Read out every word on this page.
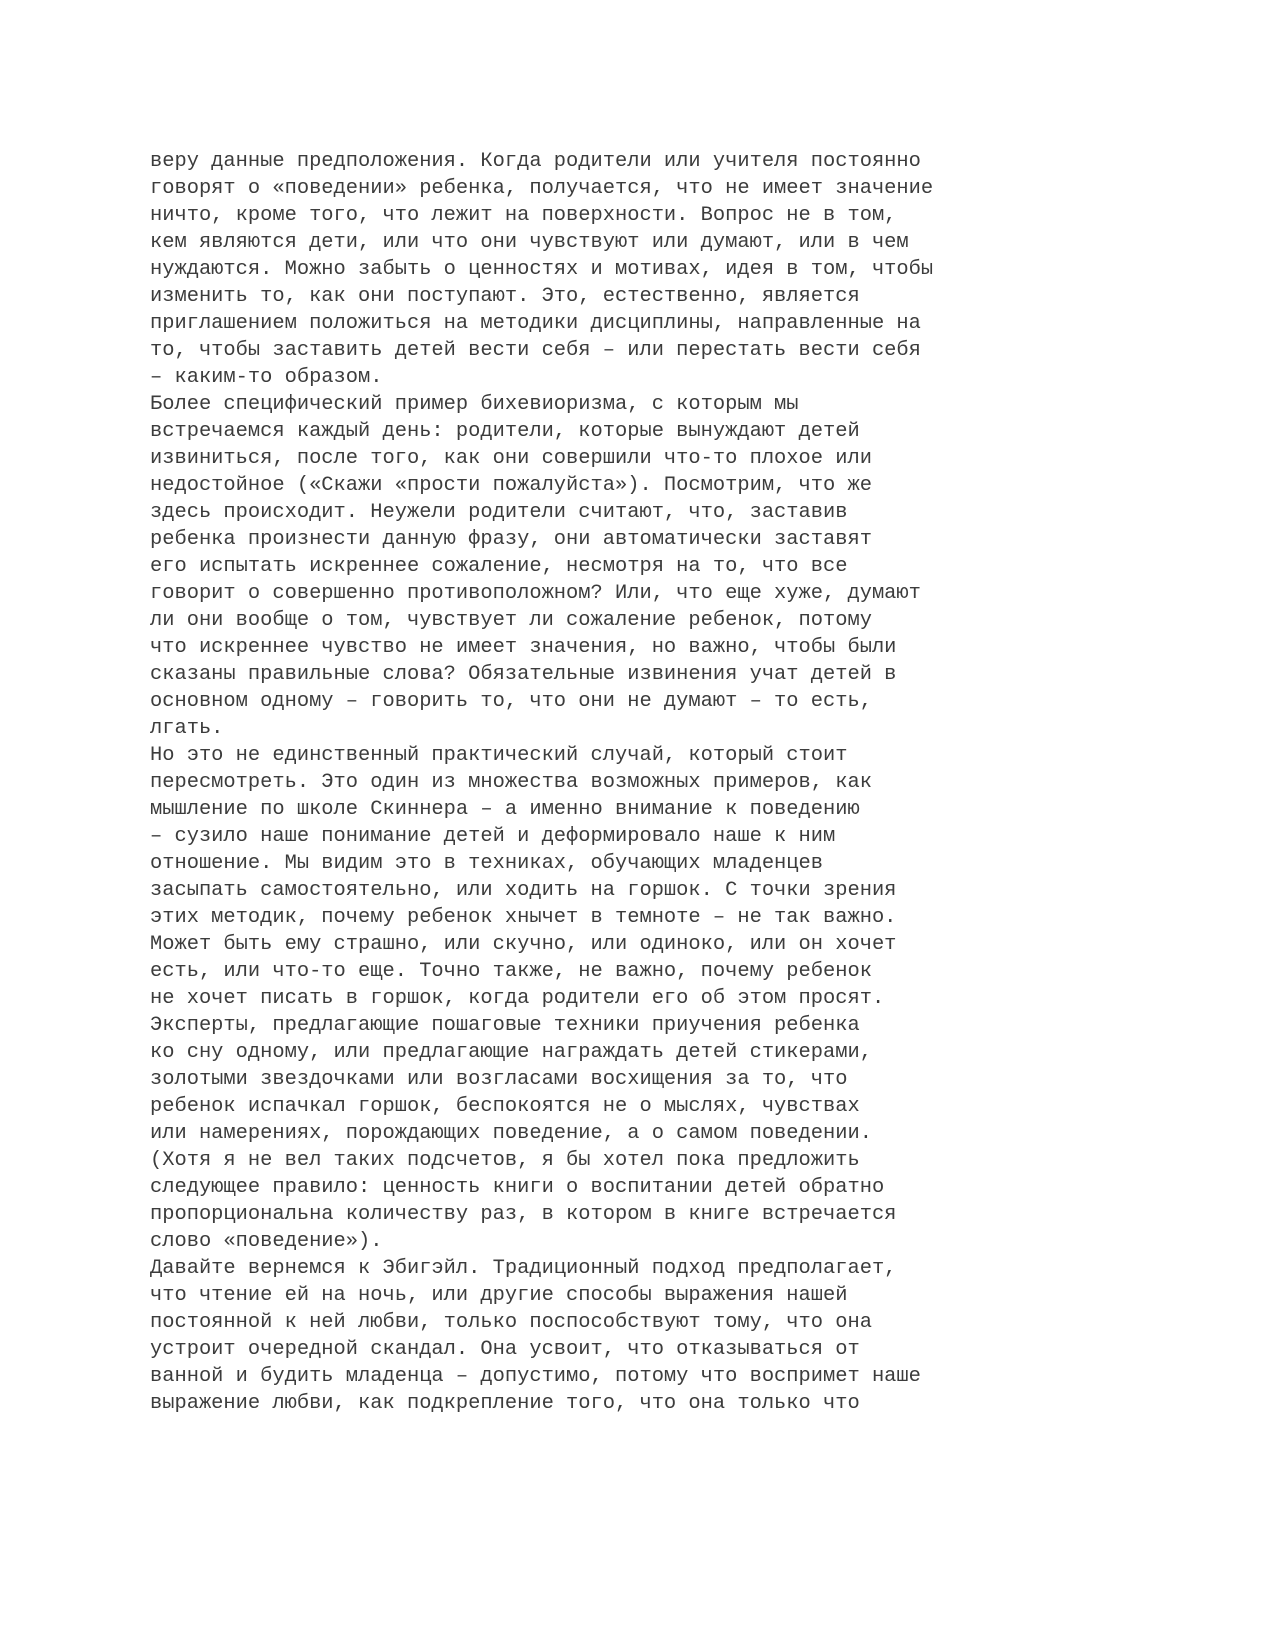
веру данные предположения. Когда родители или учителя постоянно
говорят о «поведении» ребенка, получается, что не имеет значение
ничто, кроме того, что лежит на поверхности. Вопрос не в том,
кем являются дети, или что они чувствуют или думают, или в чем
нуждаются. Можно забыть о ценностях и мотивах, идея в том, чтобы
изменить то, как они поступают. Это, естественно, является
приглашением положиться на методики дисциплины, направленные на
то, чтобы заставить детей вести себя – или перестать вести себя
– каким-то образом.
Более специфический пример бихевиоризма, с которым мы
встречаемся каждый день: родители, которые вынуждают детей
извиниться, после того, как они совершили что-то плохое или
недостойное («Скажи «прости пожалуйста»). Посмотрим, что же
здесь происходит. Неужели родители считают, что, заставив
ребенка произнести данную фразу, они автоматически заставят
его испытать искреннее сожаление, несмотря на то, что все
говорит о совершенно противоположном? Или, что еще хуже, думают
ли они вообще о том, чувствует ли сожаление ребенок, потому
что искреннее чувство не имеет значения, но важно, чтобы были
сказаны правильные слова? Обязательные извинения учат детей в
основном одному – говорить то, что они не думают – то есть,
лгать.
Но это не единственный практический случай, который стоит
пересмотреть. Это один из множества возможных примеров, как
мышление по школе Скиннера – а именно внимание к поведению
– сузило наше понимание детей и деформировало наше к ним
отношение. Мы видим это в техниках, обучающих младенцев
засыпать самостоятельно, или ходить на горшок. С точки зрения
этих методик, почему ребенок хнычет в темноте – не так важно.
Может быть ему страшно, или скучно, или одиноко, или он хочет
есть, или что-то еще. Точно также, не важно, почему ребенок
не хочет писать в горшок, когда родители его об этом просят.
Эксперты, предлагающие пошаговые техники приучения ребенка
ко сну одному, или предлагающие награждать детей стикерами,
золотыми звездочками или возгласами восхищения за то, что
ребенок испачкал горшок, беспокоятся не о мыслях, чувствах
или намерениях, порождающих поведение, а о самом поведении.
(Хотя я не вел таких подсчетов, я бы хотел пока предложить
следующее правило: ценность книги о воспитании детей обратно
пропорциональна количеству раз, в котором в книге встречается
слово «поведение»).
Давайте вернемся к Эбигэйл. Традиционный подход предполагает,
что чтение ей на ночь, или другие способы выражения нашей
постоянной к ней любви, только поспособствуют тому, что она
устроит очередной скандал. Она усвоит, что отказываться от
ванной и будить младенца – допустимо, потому что воспримет наше
выражение любви, как подкрепление того, что она только что
